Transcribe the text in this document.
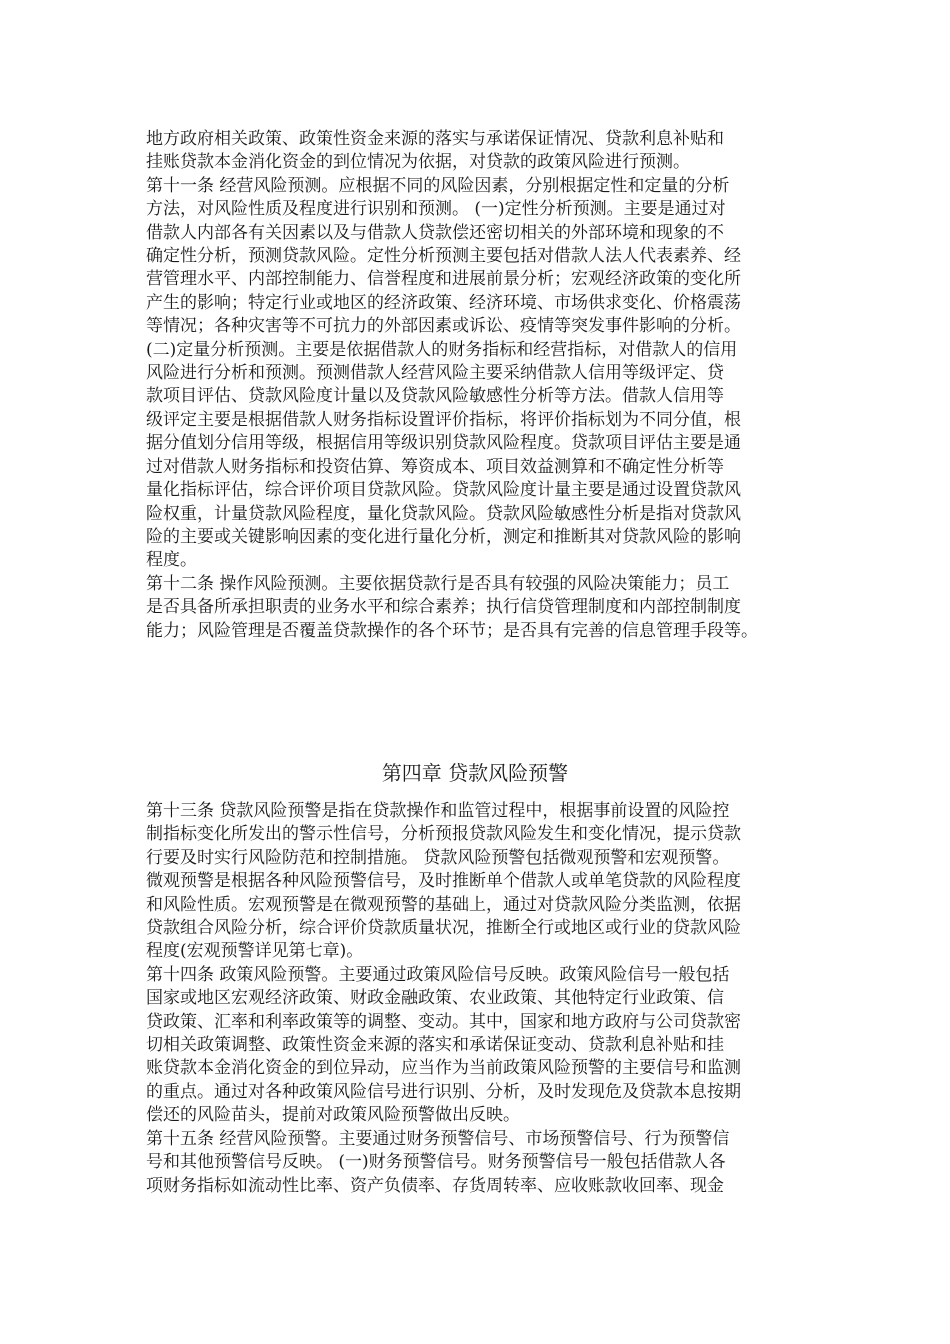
地方政府相关政策、政策性资金来源的落实与承诺保证情况、贷款利息补贴和
挂账贷款本金消化资金的到位情况为依据，对贷款的政策风险进行预测。
第十一条 经营风险预测。应根据不同的风险因素，分别根据定性和定量的分析
方法，对风险性质及程度进行识别和预测。 (一)定性分析预测。主要是通过对
借款人内部各有关因素以及与借款人贷款偿还密切相关的外部环境和现象的不
确定性分析，预测贷款风险。定性分析预测主要包括对借款人法人代表素养、经
营管理水平、内部控制能力、信誉程度和进展前景分析；宏观经济政策的变化所
产生的影响；特定行业或地区的经济政策、经济环境、市场供求变化、价格震荡
等情况；各种灾害等不可抗力的外部因素或诉讼、疫情等突发事件影响的分析。
(二)定量分析预测。主要是依据借款人的财务指标和经营指标，对借款人的信用
风险进行分析和预测。预测借款人经营风险主要采纳借款人信用等级评定、贷
款项目评估、贷款风险度计量以及贷款风险敏感性分析等方法。借款人信用等
级评定主要是根据借款人财务指标设置评价指标，将评价指标划为不同分值，根
据分值划分信用等级，根据信用等级识别贷款风险程度。贷款项目评估主要是通
过对借款人财务指标和投资估算、筹资成本、项目效益测算和不确定性分析等
量化指标评估，综合评价项目贷款风险。贷款风险度计量主要是通过设置贷款风
险权重，计量贷款风险程度，量化贷款风险。贷款风险敏感性分析是指对贷款风
险的主要或关键影响因素的变化进行量化分析，测定和推断其对贷款风险的影响
程度。
第十二条 操作风险预测。主要依据贷款行是否具有较强的风险决策能力；员工
是否具备所承担职责的业务水平和综合素养；执行信贷管理制度和内部控制制度
能力；风险管理是否覆盖贷款操作的各个环节；是否具有完善的信息管理手段等。
第四章 贷款风险预警
第十三条 贷款风险预警是指在贷款操作和监管过程中，根据事前设置的风险控
制指标变化所发出的警示性信号，分析预报贷款风险发生和变化情况，提示贷款
行要及时实行风险防范和控制措施。 贷款风险预警包括微观预警和宏观预警。
微观预警是根据各种风险预警信号，及时推断单个借款人或单笔贷款的风险程度
和风险性质。宏观预警是在微观预警的基础上，通过对贷款风险分类监测，依据
贷款组合风险分析，综合评价贷款质量状况，推断全行或地区或行业的贷款风险
程度(宏观预警详见第七章)。
第十四条 政策风险预警。主要通过政策风险信号反映。政策风险信号一般包括
国家或地区宏观经济政策、财政金融政策、农业政策、其他特定行业政策、信
贷政策、汇率和利率政策等的调整、变动。其中，国家和地方政府与公司贷款密
切相关政策调整、政策性资金来源的落实和承诺保证变动、贷款利息补贴和挂
账贷款本金消化资金的到位异动，应当作为当前政策风险预警的主要信号和监测
的重点。通过对各种政策风险信号进行识别、分析，及时发现危及贷款本息按期
偿还的风险苗头，提前对政策风险预警做出反映。
第十五条 经营风险预警。主要通过财务预警信号、市场预警信号、行为预警信
号和其他预警信号反映。 (一)财务预警信号。财务预警信号一般包括借款人各
项财务指标如流动性比率、资产负债率、存货周转率、应收账款收回率、现金
